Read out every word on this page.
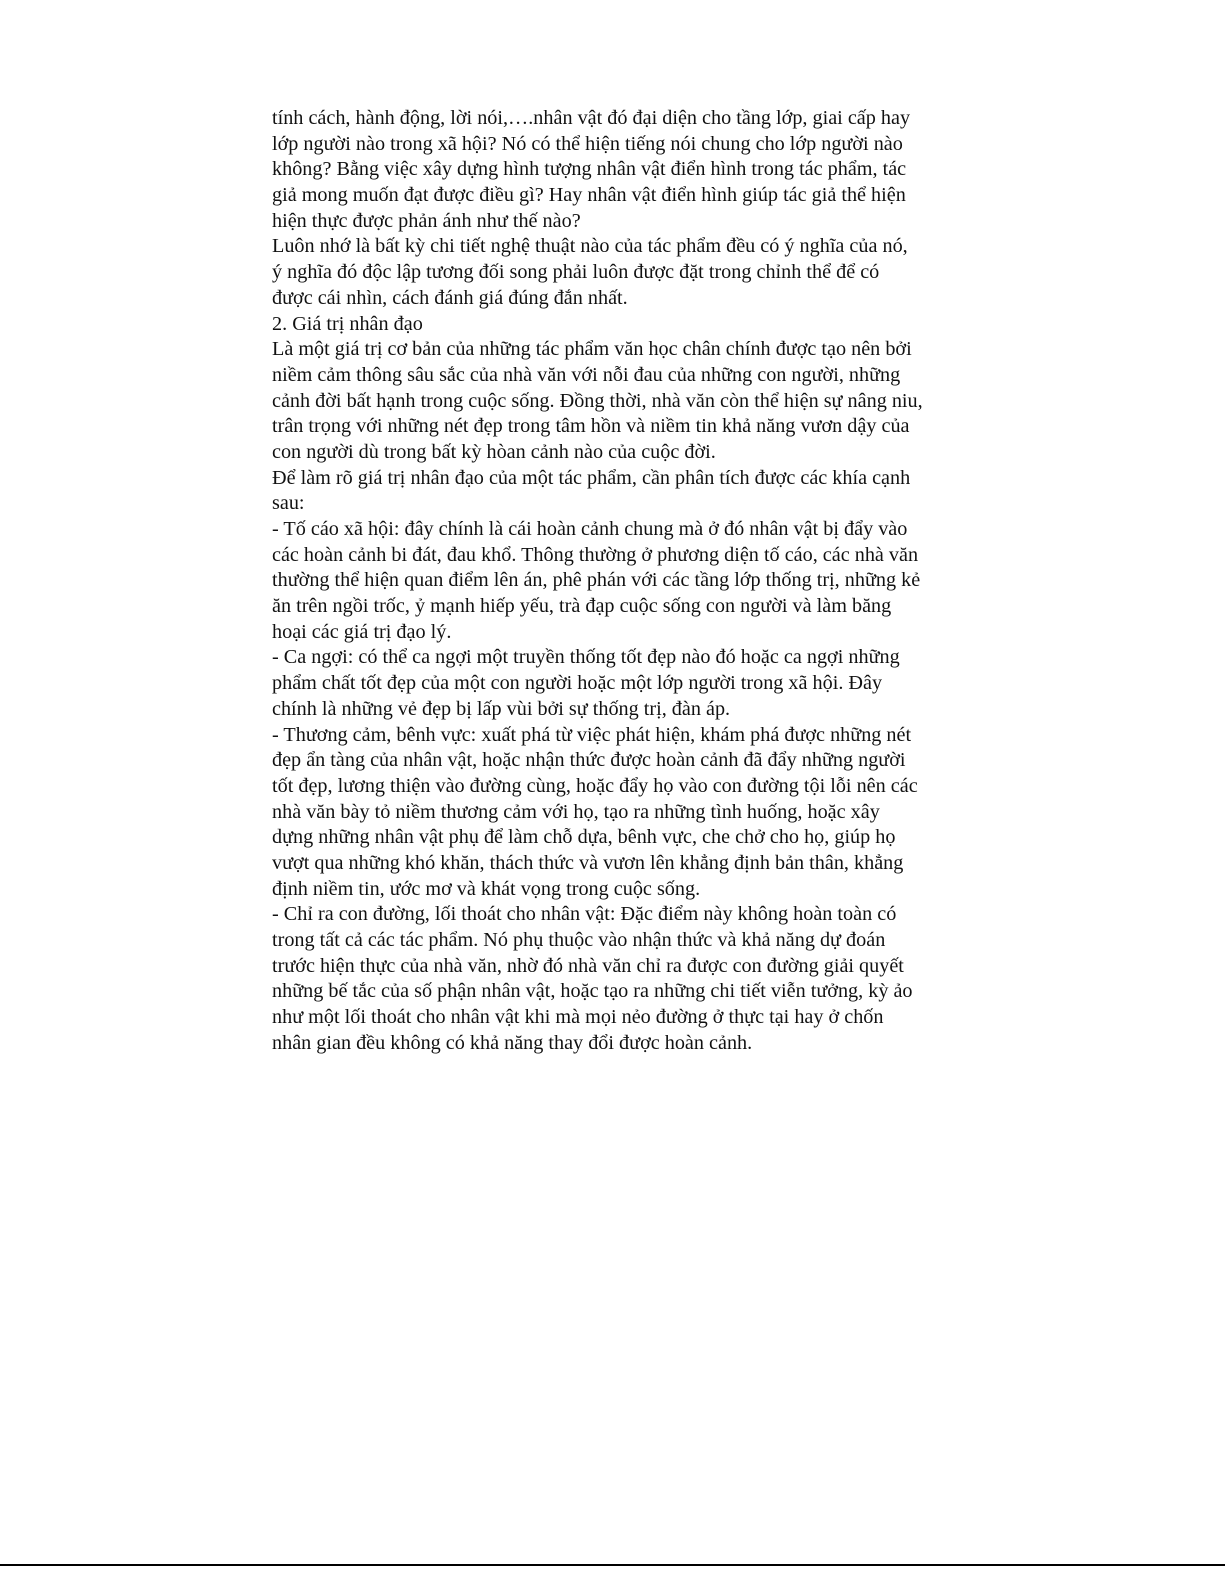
tính cách, hành động, lời nói,….nhân vật đó đại diện cho tầng lớp, giai cấp hay
lớp người nào trong xã hội? Nó có thể hiện tiếng nói chung cho lớp người nào
không? Bằng việc xây dựng hình tượng nhân vật điển hình trong tác phẩm, tác
giả mong muốn đạt được điều gì? Hay nhân vật điển hình giúp tác giả thể hiện
hiện thực được phản ánh như thế nào?
Luôn nhớ là bất kỳ chi tiết nghệ thuật nào của tác phẩm đều có ý nghĩa của nó,
ý nghĩa đó độc lập tương đối song phải luôn được đặt trong chỉnh thể để có
được cái nhìn, cách đánh giá đúng đắn nhất.
2. Giá trị nhân đạo
Là một giá trị cơ bản của những tác phẩm văn học chân chính được tạo nên bởi
niềm cảm thông sâu sắc của nhà văn với nỗi đau của những con người, những
cảnh đời bất hạnh trong cuộc sống. Đồng thời, nhà văn còn thể hiện sự nâng niu,
trân trọng với những nét đẹp trong tâm hồn và niềm tin khả năng vươn dậy của
con người dù trong bất kỳ hòan cảnh nào của cuộc đời.
Để làm rõ giá trị nhân đạo của một tác phẩm, cần phân tích được các khía cạnh
sau:
- Tố cáo xã hội: đây chính là cái hoàn cảnh chung mà ở đó nhân vật bị đẩy vào
các hoàn cảnh bi đát, đau khổ. Thông thường ở phương diện tố cáo, các nhà văn
thường thể hiện quan điểm lên án, phê phán với các tầng lớp thống trị, những kẻ
ăn trên ngồi trốc, ỷ mạnh hiếp yếu, trà đạp cuộc sống con người và làm băng
hoại các giá trị đạo lý.
- Ca ngợi: có thể ca ngợi một truyền thống tốt đẹp nào đó hoặc ca ngợi những
phẩm chất tốt đẹp của một con người hoặc một lớp người trong xã hội. Đây
chính là những vẻ đẹp bị lấp vùi bởi sự thống trị, đàn áp.
- Thương cảm, bênh vực: xuất phá từ việc phát hiện, khám phá được những nét
đẹp ẩn tàng của nhân vật, hoặc nhận thức được hoàn cảnh đã đẩy những người
tốt đẹp, lương thiện vào đường cùng, hoặc đẩy họ vào con đường tội lỗi nên các
nhà văn bày tỏ niềm thương cảm với họ, tạo ra những tình huống, hoặc xây
dựng những nhân vật phụ để làm chỗ dựa, bênh vực, che chở cho họ, giúp họ
vượt qua những khó khăn, thách thức và vươn lên khẳng định bản thân, khẳng
định niềm tin, ước mơ và khát vọng trong cuộc sống.
- Chỉ ra con đường, lối thoát cho nhân vật: Đặc điểm này không hoàn toàn có
trong tất cả các tác phẩm. Nó phụ thuộc vào nhận thức và khả năng dự đoán
trước hiện thực của nhà văn, nhờ đó nhà văn chỉ ra được con đường giải quyết
những bế tắc của số phận nhân vật, hoặc tạo ra những chi tiết viễn tưởng, kỳ ảo
như một lối thoát cho nhân vật khi mà mọi nẻo đường ở thực tại hay ở chốn
nhân gian đều không có khả năng thay đổi được hoàn cảnh.
